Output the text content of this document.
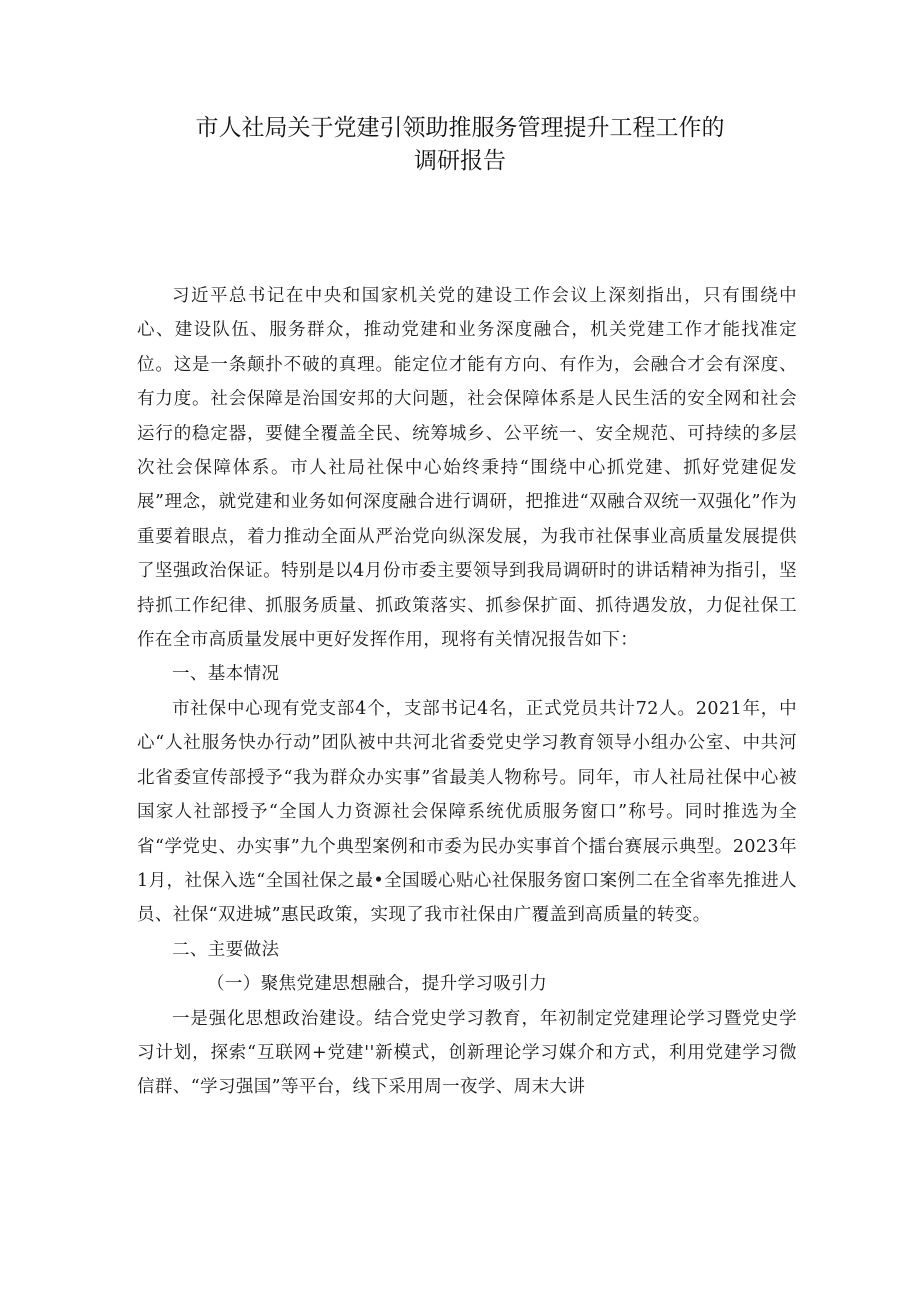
市人社局关于党建引领助推服务管理提升工程工作的
调研报告

习近平总书记在中央和国家机关党的建设工作会议上深刻指出，只有围绕中心、建设队伍、服务群众，推动党建和业务深度融合，机关党建工作才能找准定位。这是一条颠扑不破的真理。能定位才能有方向、有作为，会融合才会有深度、有力度。社会保障是治国安邦的大问题，社会保障体系是人民生活的安全网和社会运行的稳定器，要健全覆盖全民、统筹城乡、公平统一、安全规范、可持续的多层次社会保障体系。市人社局社保中心始终秉持“围绕中心抓党建、抓好党建促发展”理念，就党建和业务如何深度融合进行调研，把推进“双融合双统一双强化”作为重要着眼点，着力推动全面从严治党向纵深发展，为我市社保事业高质量发展提供了坚强政治保证。特别是以4月份市委主要领导到我局调研时的讲话精神为指引，坚持抓工作纪律、抓服务质量、抓政策落实、抓参保扩面、抓待遇发放，力促社保工作在全市高质量发展中更好发挥作用，现将有关情况报告如下：

一、基本情况

市社保中心现有党支部4个，支部书记4名，正式党员共计72人。2021年，中心“人社服务快办行动”团队被中共河北省委党史学习教育领导小组办公室、中共河北省委宣传部授予“我为群众办实事”省最美人物称号。同年，市人社局社保中心被国家人社部授予“全国人力资源社会保障系统优质服务窗口”称号。同时推选为全省“学党史、办实事”九个典型案例和市委为民办实事首个擂台赛展示典型。2023年1月，社保入选“全国社保之最•全国暖心贴心社保服务窗口案例二在全省率先推进人员、社保“双进城”惠民政策，实现了我市社保由广覆盖到高质量的转变。

二、主要做法

（一）聚焦党建思想融合，提升学习吸引力

一是强化思想政治建设。结合党史学习教育，年初制定党建理论学习暨党史学习计划，探索“互联网+党建''新模式，创新理论学习媒介和方式，利用党建学习微信群、“学习强国”等平台，线下采用周一夜学、周末大讲
